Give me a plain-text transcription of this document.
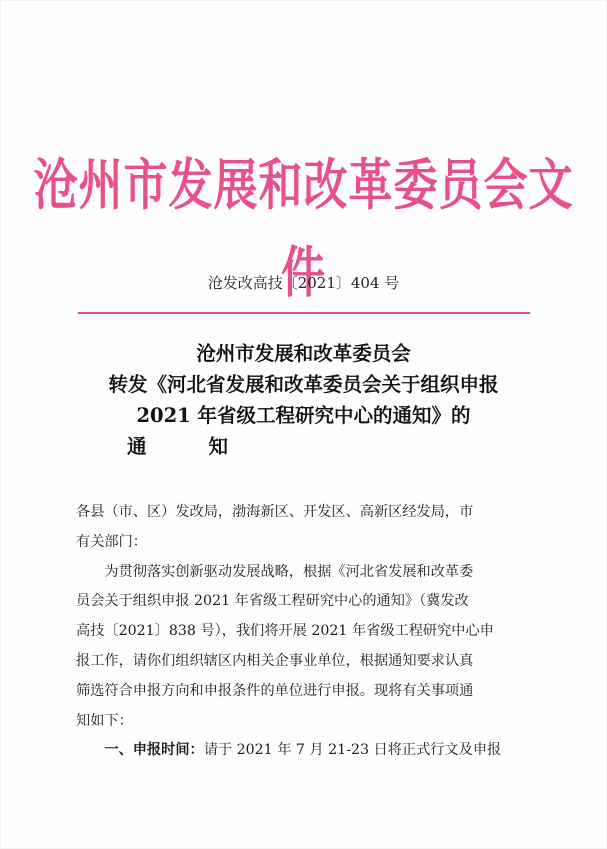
沧州市发展和改革委员会文件
沧发改高技〔2021〕404 号
沧州市发展和改革委员会
转发《河北省发展和改革委员会关于组织申报
2021 年省级工程研究中心的通知》的
通知

各县（市、区）发改局，渤海新区、开发区、高新区经发局，市

有关部门：

为贯彻落实创新驱动发展战略，根据《河北省发展和改革委

员会关于组织申报 2021 年省级工程研究中心的通知》（冀发改

高技〔2021〕838 号），我们将开展 2021 年省级工程研究中心申

报工作，请你们组织辖区内相关企事业单位，根据通知要求认真

筛选符合申报方向和申报条件的单位进行申报。现将有关事项通

知如下：

一、申报时间：请于 2021 年 7 月 21-23 日将正式行文及申报
